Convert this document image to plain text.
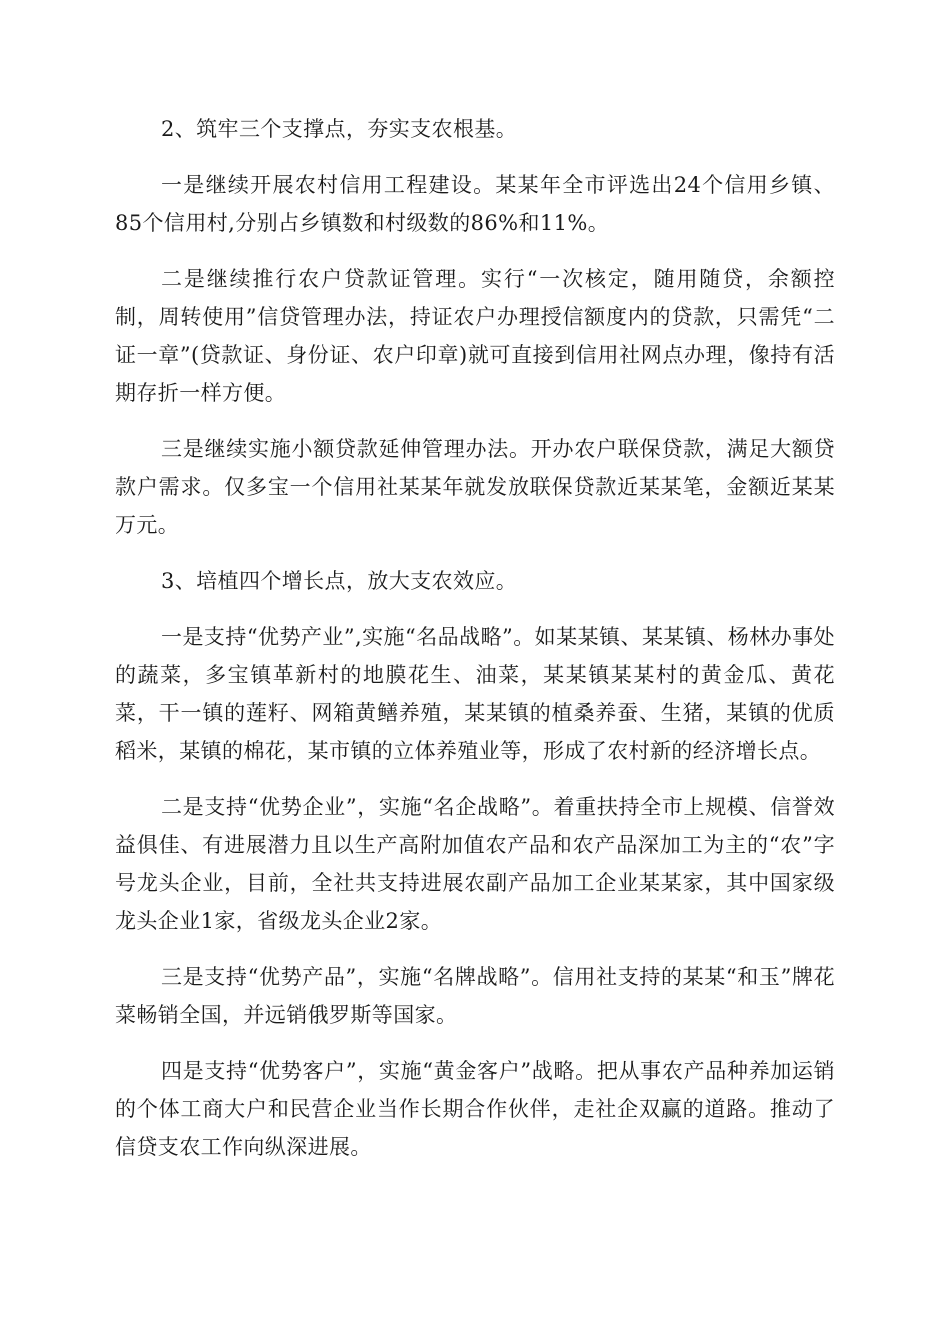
2、筑牢三个支撑点，夯实支农根基。

一是继续开展农村信用工程建设。某某年全市评选出24个信用乡镇、85个信用村,分别占乡镇数和村级数的86%和11%。

二是继续推行农户贷款证管理。实行“一次核定，随用随贷，余额控制，周转使用”信贷管理办法，持证农户办理授信额度内的贷款，只需凭“二证一章”(贷款证、身份证、农户印章)就可直接到信用社网点办理，像持有活期存折一样方便。

三是继续实施小额贷款延伸管理办法。开办农户联保贷款，满足大额贷款户需求。仅多宝一个信用社某某年就发放联保贷款近某某笔，金额近某某万元。

3、培植四个增长点，放大支农效应。

一是支持“优势产业”,实施“名品战略”。如某某镇、某某镇、杨林办事处的蔬菜，多宝镇革新村的地膜花生、油菜，某某镇某某村的黄金瓜、黄花菜，干一镇的莲籽、网箱黄鳝养殖，某某镇的植桑养蚕、生猪，某镇的优质稻米，某镇的棉花，某市镇的立体养殖业等，形成了农村新的经济增长点。

二是支持“优势企业”，实施“名企战略”。着重扶持全市上规模、信誉效益俱佳、有进展潜力且以生产高附加值农产品和农产品深加工为主的“农”字号龙头企业，目前，全社共支持进展农副产品加工企业某某家，其中国家级龙头企业1家，省级龙头企业2家。

三是支持“优势产品”，实施“名牌战略”。信用社支持的某某“和玉”牌花菜畅销全国，并远销俄罗斯等国家。

四是支持“优势客户”，实施“黄金客户”战略。把从事农产品种养加运销的个体工商大户和民营企业当作长期合作伙伴，走社企双赢的道路。推动了信贷支农工作向纵深进展。
